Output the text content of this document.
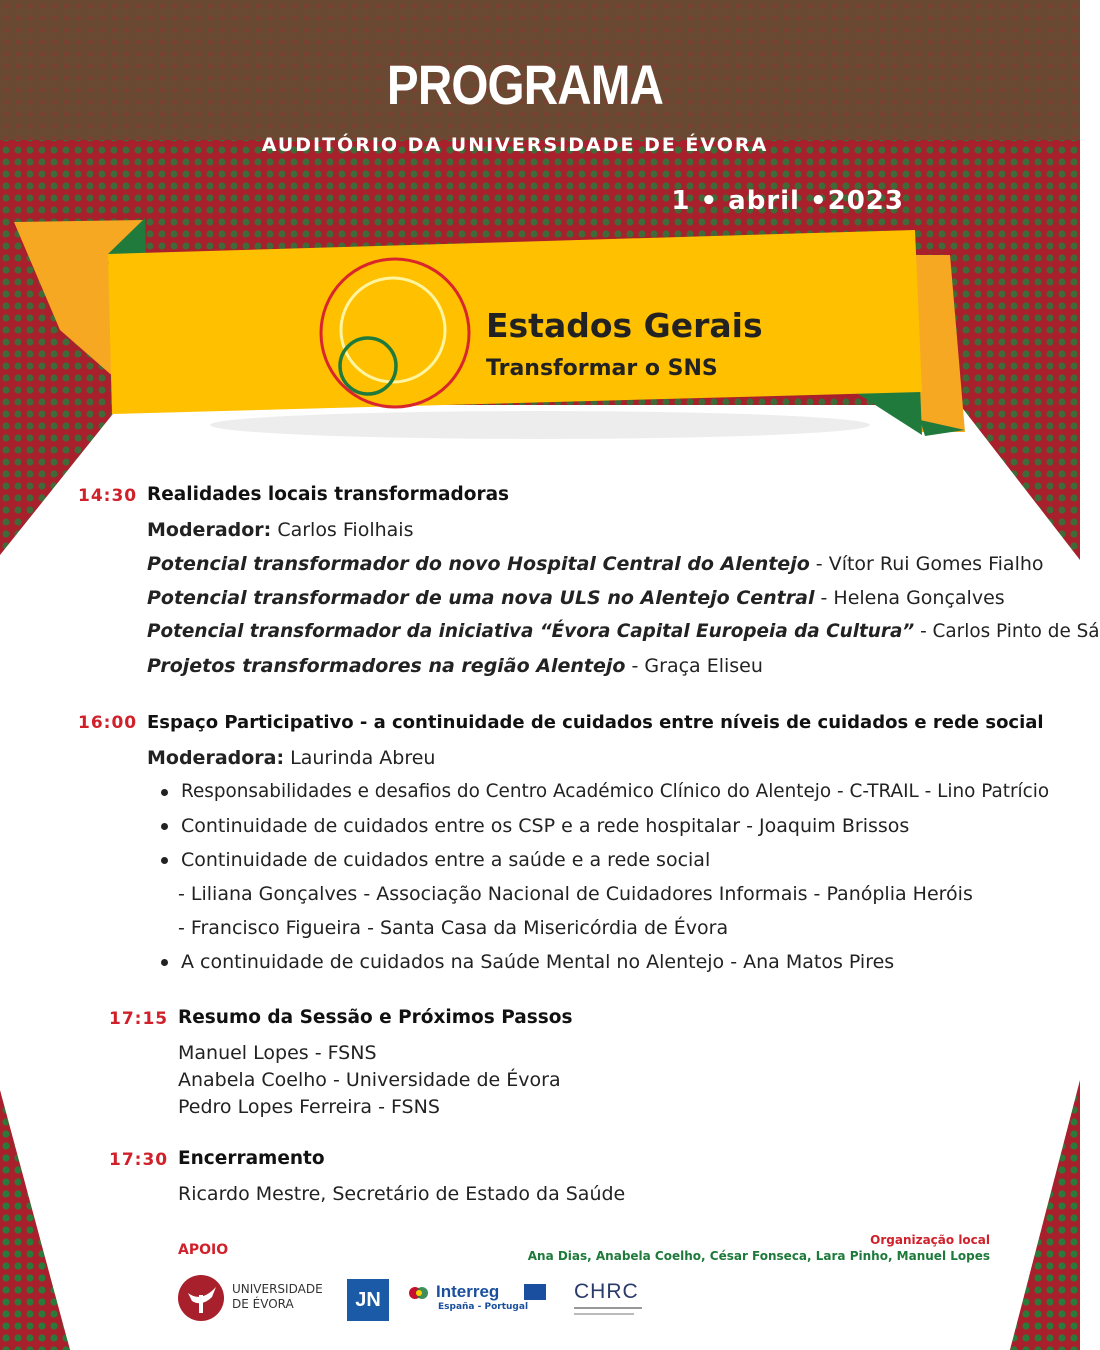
PROGRAMA
AUDITÓRIO DA UNIVERSIDADE DE ÉVORA
1 • abril •2023
Estados Gerais
Transformar o SNS
14:30 Realidades locais transformadoras
Moderador: Carlos Fiolhais
Potencial transformador do novo Hospital Central do Alentejo - Vítor Rui Gomes Fialho
Potencial transformador de uma nova ULS no Alentejo Central - Helena Gonçalves
Potencial transformador da iniciativa “Évora Capital Europeia da Cultura” - Carlos Pinto de Sá
Projetos transformadores na região Alentejo - Graça Eliseu
16:00 Espaço Participativo - a continuidade de cuidados entre níveis de cuidados e rede social
Moderadora: Laurinda Abreu
Responsabilidades e desafios do Centro Académico Clínico do Alentejo - C-TRAIL - Lino Patrício
Continuidade de cuidados entre os CSP e a rede hospitalar - Joaquim Brissos
Continuidade de cuidados entre a saúde e a rede social
- Liliana Gonçalves - Associação Nacional de Cuidadores Informais - Panóplia Heróis
- Francisco Figueira - Santa Casa da Misericórdia de Évora
A continuidade de cuidados na Saúde Mental no Alentejo - Ana Matos Pires
17:15 Resumo da Sessão e Próximos Passos
Manuel Lopes - FSNS
Anabela Coelho - Universidade de Évora
Pedro Lopes Ferreira - FSNS
17:30 Encerramento
Ricardo Mestre, Secretário de Estado da Saúde
APOIO
Organização local
Ana Dias, Anabela Coelho, César Fonseca, Lara Pinho, Manuel Lopes
UNIVERSIDADE
DE ÉVORA	JN	Interreg
España - Portugal
CHRC
